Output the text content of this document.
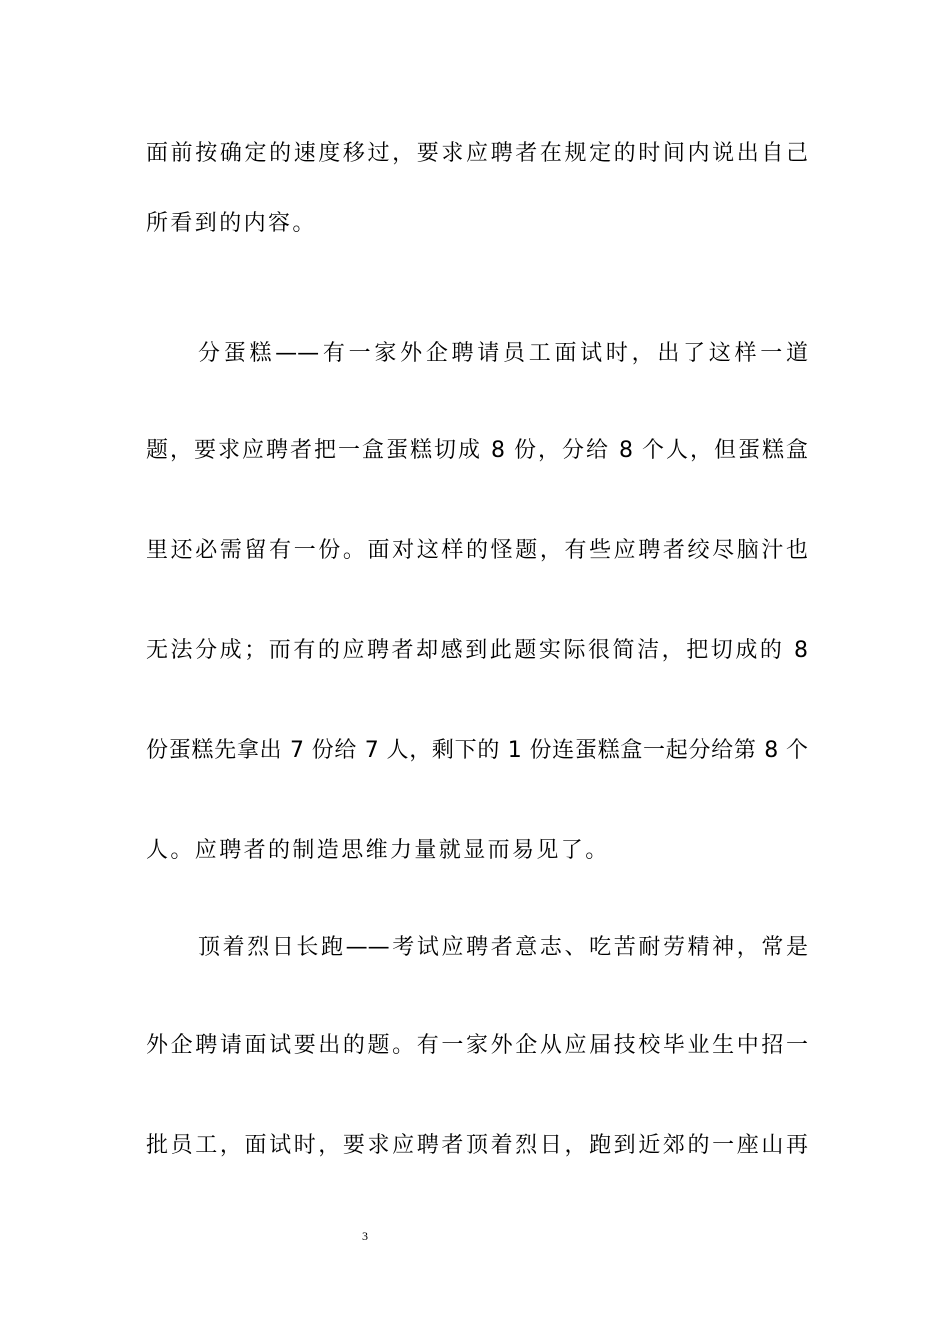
面前按确定的速度移过，要求应聘者在规定的时间内说出自己
所看到的内容。
分蛋糕——有一家外企聘请员工面试时，出了这样一道
题，要求应聘者把一盒蛋糕切成 8 份，分给 8 个人，但蛋糕盒
里还必需留有一份。面对这样的怪题，有些应聘者绞尽脑汁也
无法分成；而有的应聘者却感到此题实际很简洁，把切成的 8
份蛋糕先拿出 7 份给 7 人，剩下的 1 份连蛋糕盒一起分给第 8 个
人。应聘者的制造思维力量就显而易见了。
顶着烈日长跑——考试应聘者意志、吃苦耐劳精神，常是
外企聘请面试要出的题。有一家外企从应届技校毕业生中招一
批员工，面试时，要求应聘者顶着烈日，跑到近郊的一座山再
3
